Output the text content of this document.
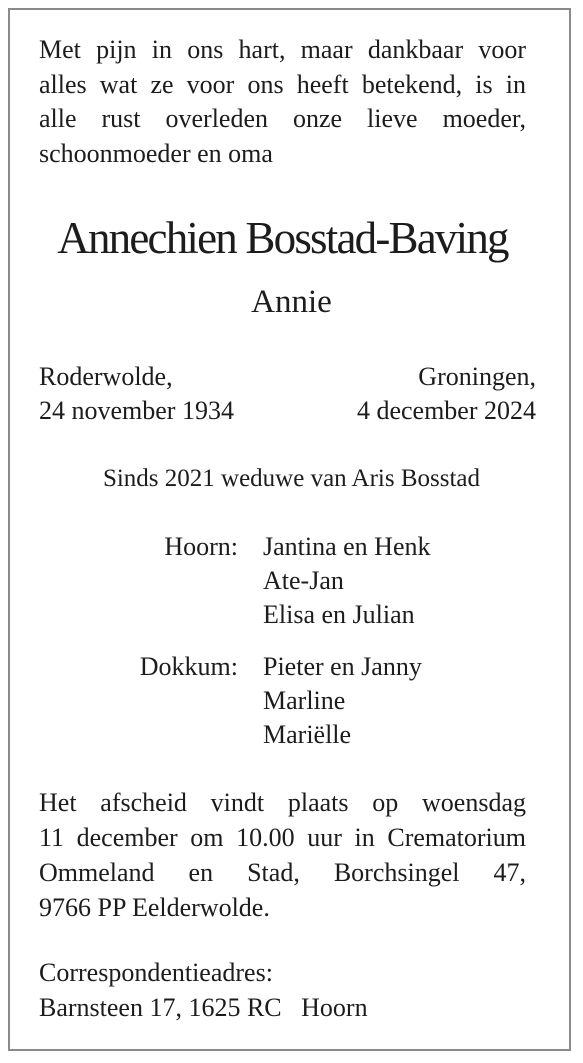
Met pijn in ons hart, maar dankbaar voor
alles wat ze voor ons heeft betekend, is in
alle rust overleden onze lieve moeder,
schoonmoeder en oma
Annechien Bosstad-Baving
Annie
Roderwolde,
24 november 1934
Groningen,
4 december 2024
Sinds 2021 weduwe van Aris Bosstad
Hoorn: Jantina en Henk
Ate-Jan
Elisa en Julian
Dokkum: Pieter en Janny
Marline
Mariëlle
Het afscheid vindt plaats op woensdag
11 december om 10.00 uur in Crematorium
Ommeland en Stad, Borchsingel 47,
9766 PP Eelderwolde.
Correspondentieadres:
Barnsteen 17, 1625 RC   Hoorn
